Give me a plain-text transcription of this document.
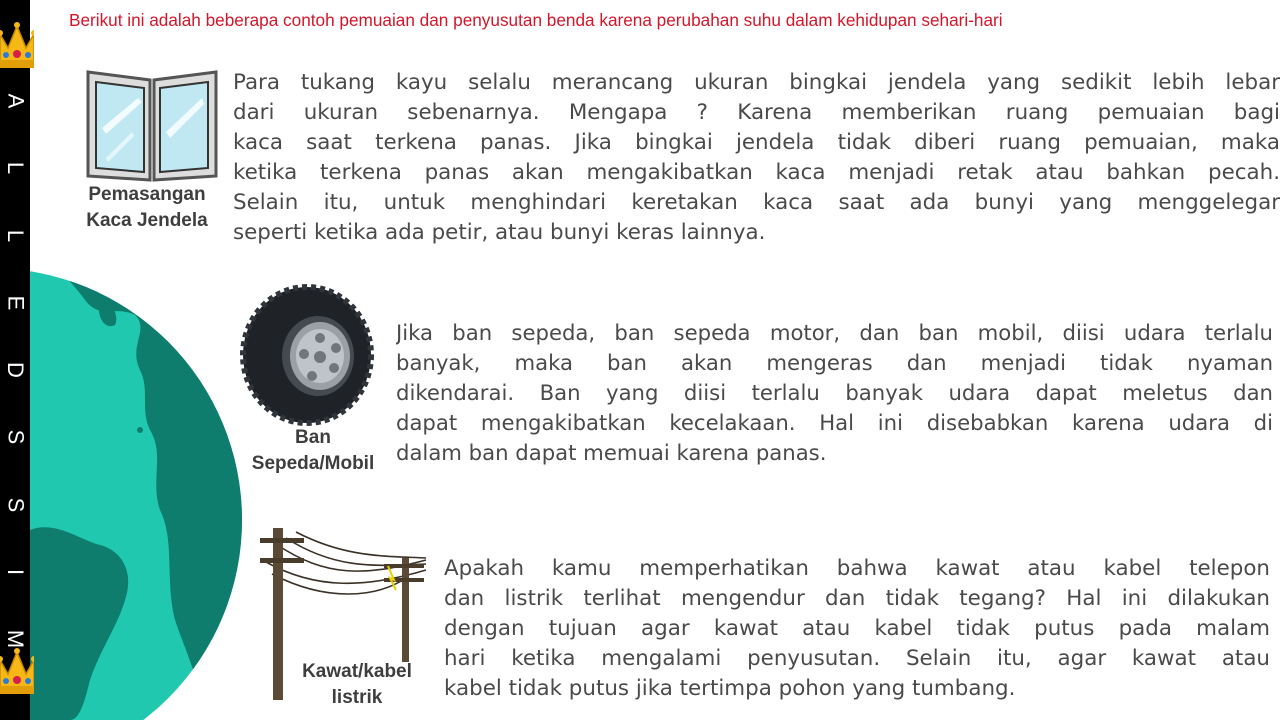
A
L
L
E
D
S
S
I
M
Berikut ini adalah beberapa contoh pemuaian dan penyusutan benda karena perubahan suhu dalam kehidupan sehari-hari
Pemasangan
Kaca Jendela
Para tukang kayu selalu merancang ukuran bingkai jendela yang sedikit lebih lebar
dari ukuran sebenarnya. Mengapa ? Karena memberikan ruang pemuaian bagi
kaca saat terkena panas. Jika bingkai jendela tidak diberi ruang pemuaian, maka
ketika terkena panas akan mengakibatkan kaca menjadi retak atau bahkan pecah.
Selain itu, untuk menghindari keretakan kaca saat ada bunyi yang menggelegar
seperti ketika ada petir, atau bunyi keras lainnya.
Ban
Sepeda/Mobil
Jika ban sepeda, ban sepeda motor, dan ban mobil, diisi udara terlalu
banyak, maka ban akan mengeras dan menjadi tidak nyaman
dikendarai. Ban yang diisi terlalu banyak udara dapat meletus dan
dapat mengakibatkan kecelakaan. Hal ini disebabkan karena udara di
dalam ban dapat memuai karena panas.
Kawat/kabel
listrik
Apakah kamu memperhatikan bahwa kawat atau kabel telepon
dan listrik terlihat mengendur dan tidak tegang? Hal ini dilakukan
dengan tujuan agar kawat atau kabel tidak putus pada malam
hari ketika mengalami penyusutan. Selain itu, agar kawat atau
kabel tidak putus jika tertimpa pohon yang tumbang.
